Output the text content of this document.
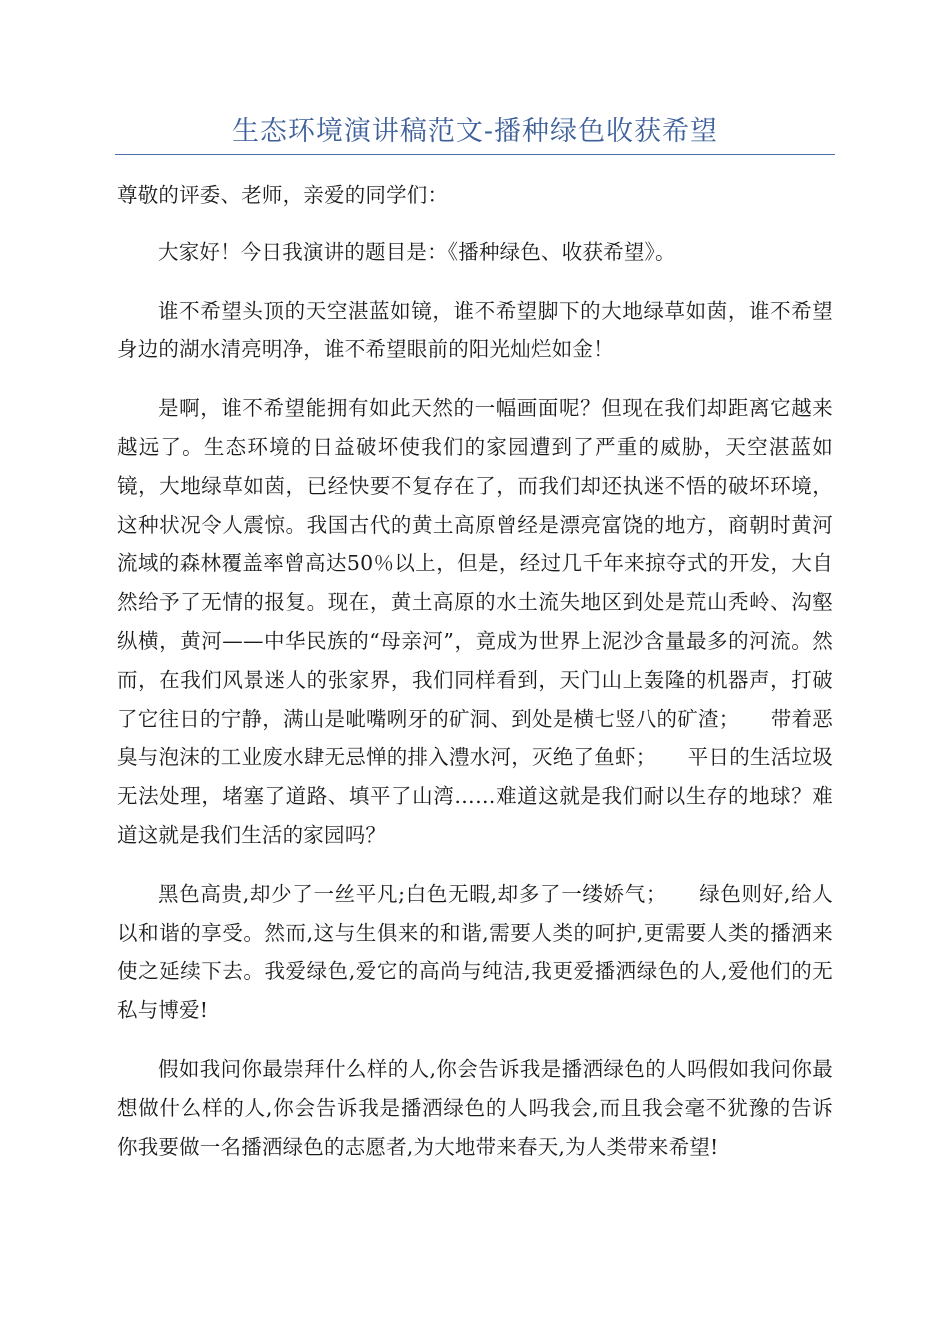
生态环境演讲稿范文-播种绿色收获希望

尊敬的评委、老师，亲爱的同学们：

大家好！今日我演讲的题目是：《播种绿色、收获希望》。

谁不希望头顶的天空湛蓝如镜，谁不希望脚下的大地绿草如茵，谁不希望身边的湖水清亮明净，谁不希望眼前的阳光灿烂如金！

是啊，谁不希望能拥有如此天然的一幅画面呢？但现在我们却距离它越来越远了。生态环境的日益破坏使我们的家园遭到了严重的威胁，天空湛蓝如镜，大地绿草如茵，已经快要不复存在了，而我们却还执迷不悟的破坏环境，这种状况令人震惊。我国古代的黄土高原曾经是漂亮富饶的地方，商朝时黄河流域的森林覆盖率曾高达50％以上，但是，经过几千年来掠夺式的开发，大自然给予了无情的报复。现在，黄土高原的水土流失地区到处是荒山秃岭、沟壑纵横，黄河——中华民族的“母亲河”，竟成为世界上泥沙含量最多的河流。然而，在我们风景迷人的张家界，我们同样看到，天门山上轰隆的机器声，打破了它往日的宁静，满山是呲嘴咧牙的矿洞、到处是横七竖八的矿渣；　　带着恶臭与泡沫的工业废水肆无忌惮的排入澧水河，灭绝了鱼虾；　　平日的生活垃圾无法处理，堵塞了道路、填平了山湾……难道这就是我们耐以生存的地球？难道这就是我们生活的家园吗？

黑色高贵,却少了一丝平凡;白色无暇,却多了一缕娇气；　　绿色则好,给人以和谐的享受。然而,这与生俱来的和谐,需要人类的呵护,更需要人类的播洒来使之延续下去。我爱绿色,爱它的高尚与纯洁,我更爱播洒绿色的人,爱他们的无私与博爱!

假如我问你最崇拜什么样的人,你会告诉我是播洒绿色的人吗假如我问你最想做什么样的人,你会告诉我是播洒绿色的人吗我会,而且我会毫不犹豫的告诉你我要做一名播洒绿色的志愿者,为大地带来春天,为人类带来希望!
